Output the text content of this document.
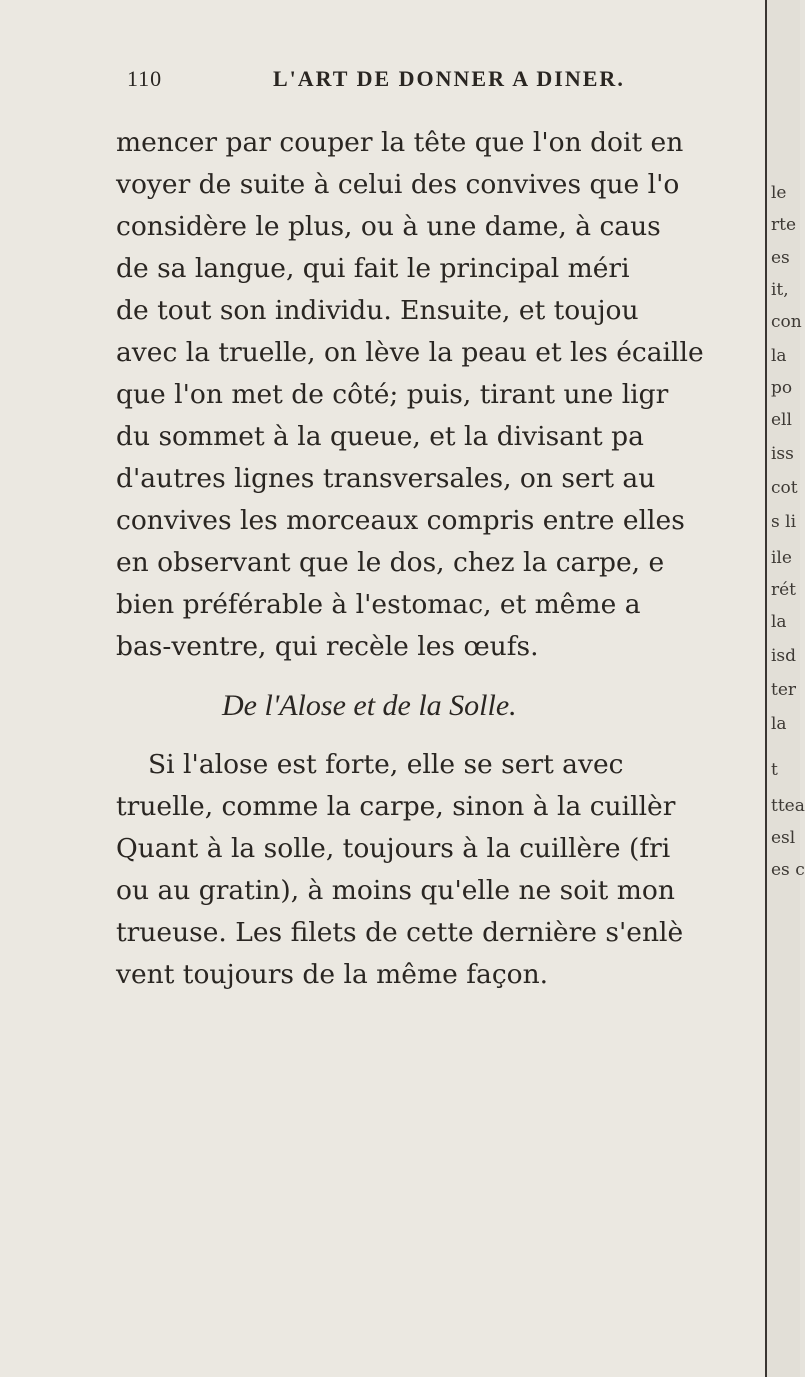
110	L'ART DE DONNER A DINER.
mencer par couper la tête que l'on doit en
voyer de suite à celui des convives que l'o
considère le plus, ou à une dame, à caus
de sa langue, qui fait le principal méri
de tout son individu. Ensuite, et toujou
avec la truelle, on lève la peau et les écaille
que l'on met de côté; puis, tirant une ligr
du sommet à la queue, et la divisant pa
d'autres lignes transversales, on sert au
convives les morceaux compris entre elles
en observant que le dos, chez la carpe, e
bien préférable à l'estomac, et même a
bas-ventre, qui recèle les œufs.
De l'Alose et de la Solle.
Si l'alose est forte, elle se sert avec
truelle, comme la carpe, sinon à la cuillèr
Quant à la solle, toujours à la cuillère (fri
ou au gratin), à moins qu'elle ne soit mon
trueuse. Les filets de cette dernière s'enlè
vent toujours de la même façon.
le
rte
es
it,
con
la
po
ell
iss
cot
s li
ile
rét
la
isd
ter
la
t
ttea
esl
es c
